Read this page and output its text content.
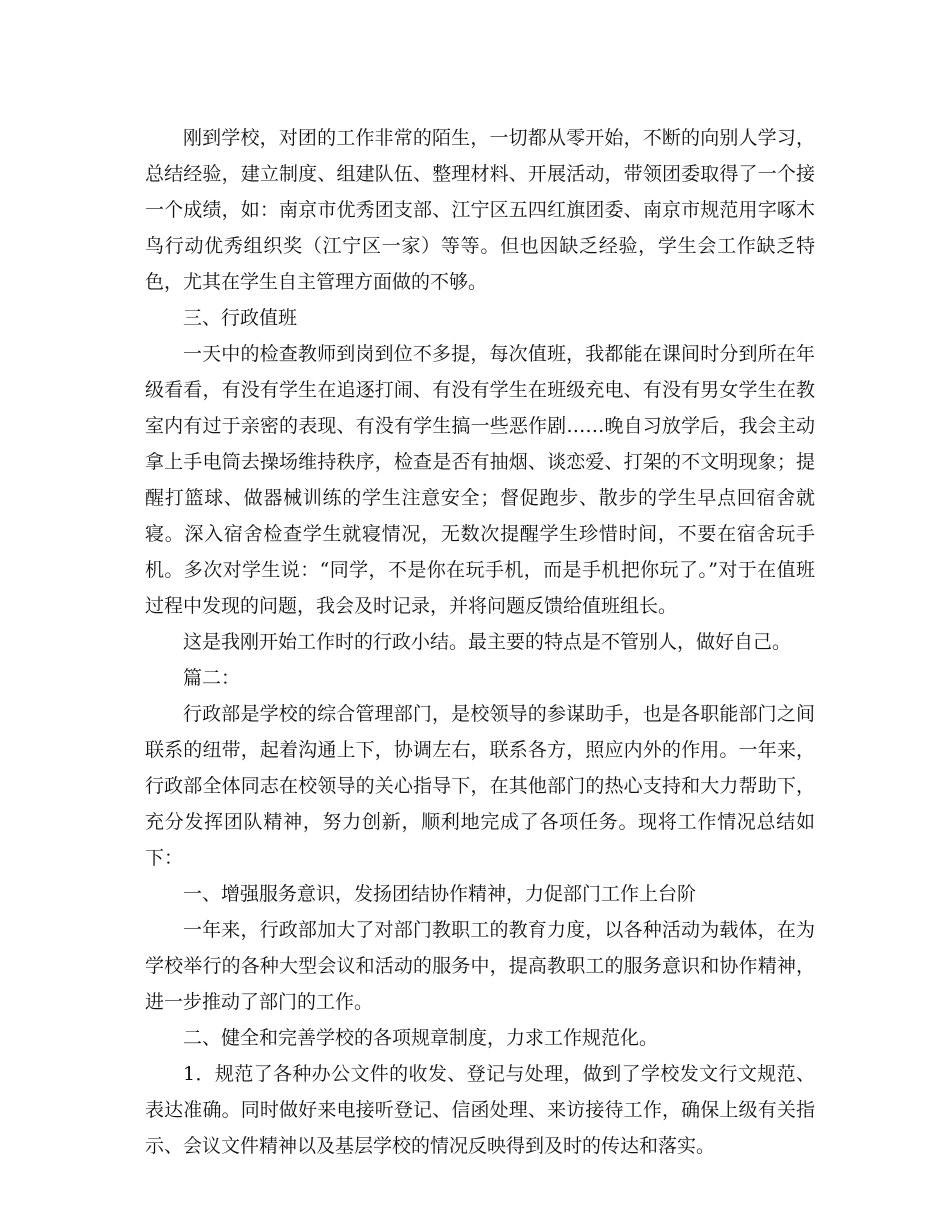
刚到学校，对团的工作非常的陌生，一切都从零开始，不断的向别人学习，总结经验，建立制度、组建队伍、整理材料、开展活动，带领团委取得了一个接一个成绩，如：南京市优秀团支部、江宁区五四红旗团委、南京市规范用字啄木鸟行动优秀组织奖（江宁区一家）等等。但也因缺乏经验，学生会工作缺乏特色，尤其在学生自主管理方面做的不够。

三、行政值班

一天中的检查教师到岗到位不多提，每次值班，我都能在课间时分到所在年级看看，有没有学生在追逐打闹、有没有学生在班级充电、有没有男女学生在教室内有过于亲密的表现、有没有学生搞一些恶作剧……晚自习放学后，我会主动拿上手电筒去操场维持秩序，检查是否有抽烟、谈恋爱、打架的不文明现象；提醒打篮球、做器械训练的学生注意安全；督促跑步、散步的学生早点回宿舍就寝。深入宿舍检查学生就寝情况，无数次提醒学生珍惜时间，不要在宿舍玩手机。多次对学生说：“同学，不是你在玩手机，而是手机把你玩了。”对于在值班过程中发现的问题，我会及时记录，并将问题反馈给值班组长。

这是我刚开始工作时的行政小结。最主要的特点是不管别人，做好自己。

篇二：

行政部是学校的综合管理部门，是校领导的参谋助手，也是各职能部门之间联系的纽带，起着沟通上下，协调左右，联系各方，照应内外的作用。一年来，行政部全体同志在校领导的关心指导下，在其他部门的热心支持和大力帮助下，充分发挥团队精神，努力创新，顺利地完成了各项任务。现将工作情况总结如下：

一、增强服务意识，发扬团结协作精神，力促部门工作上台阶

一年来，行政部加大了对部门教职工的教育力度，以各种活动为载体，在为学校举行的各种大型会议和活动的服务中，提高教职工的服务意识和协作精神，进一步推动了部门的工作。

二、健全和完善学校的各项规章制度，力求工作规范化。

1．规范了各种办公文件的收发、登记与处理，做到了学校发文行文规范、表达准确。同时做好来电接听登记、信函处理、来访接待工作，确保上级有关指示、会议文件精神以及基层学校的情况反映得到及时的传达和落实。
